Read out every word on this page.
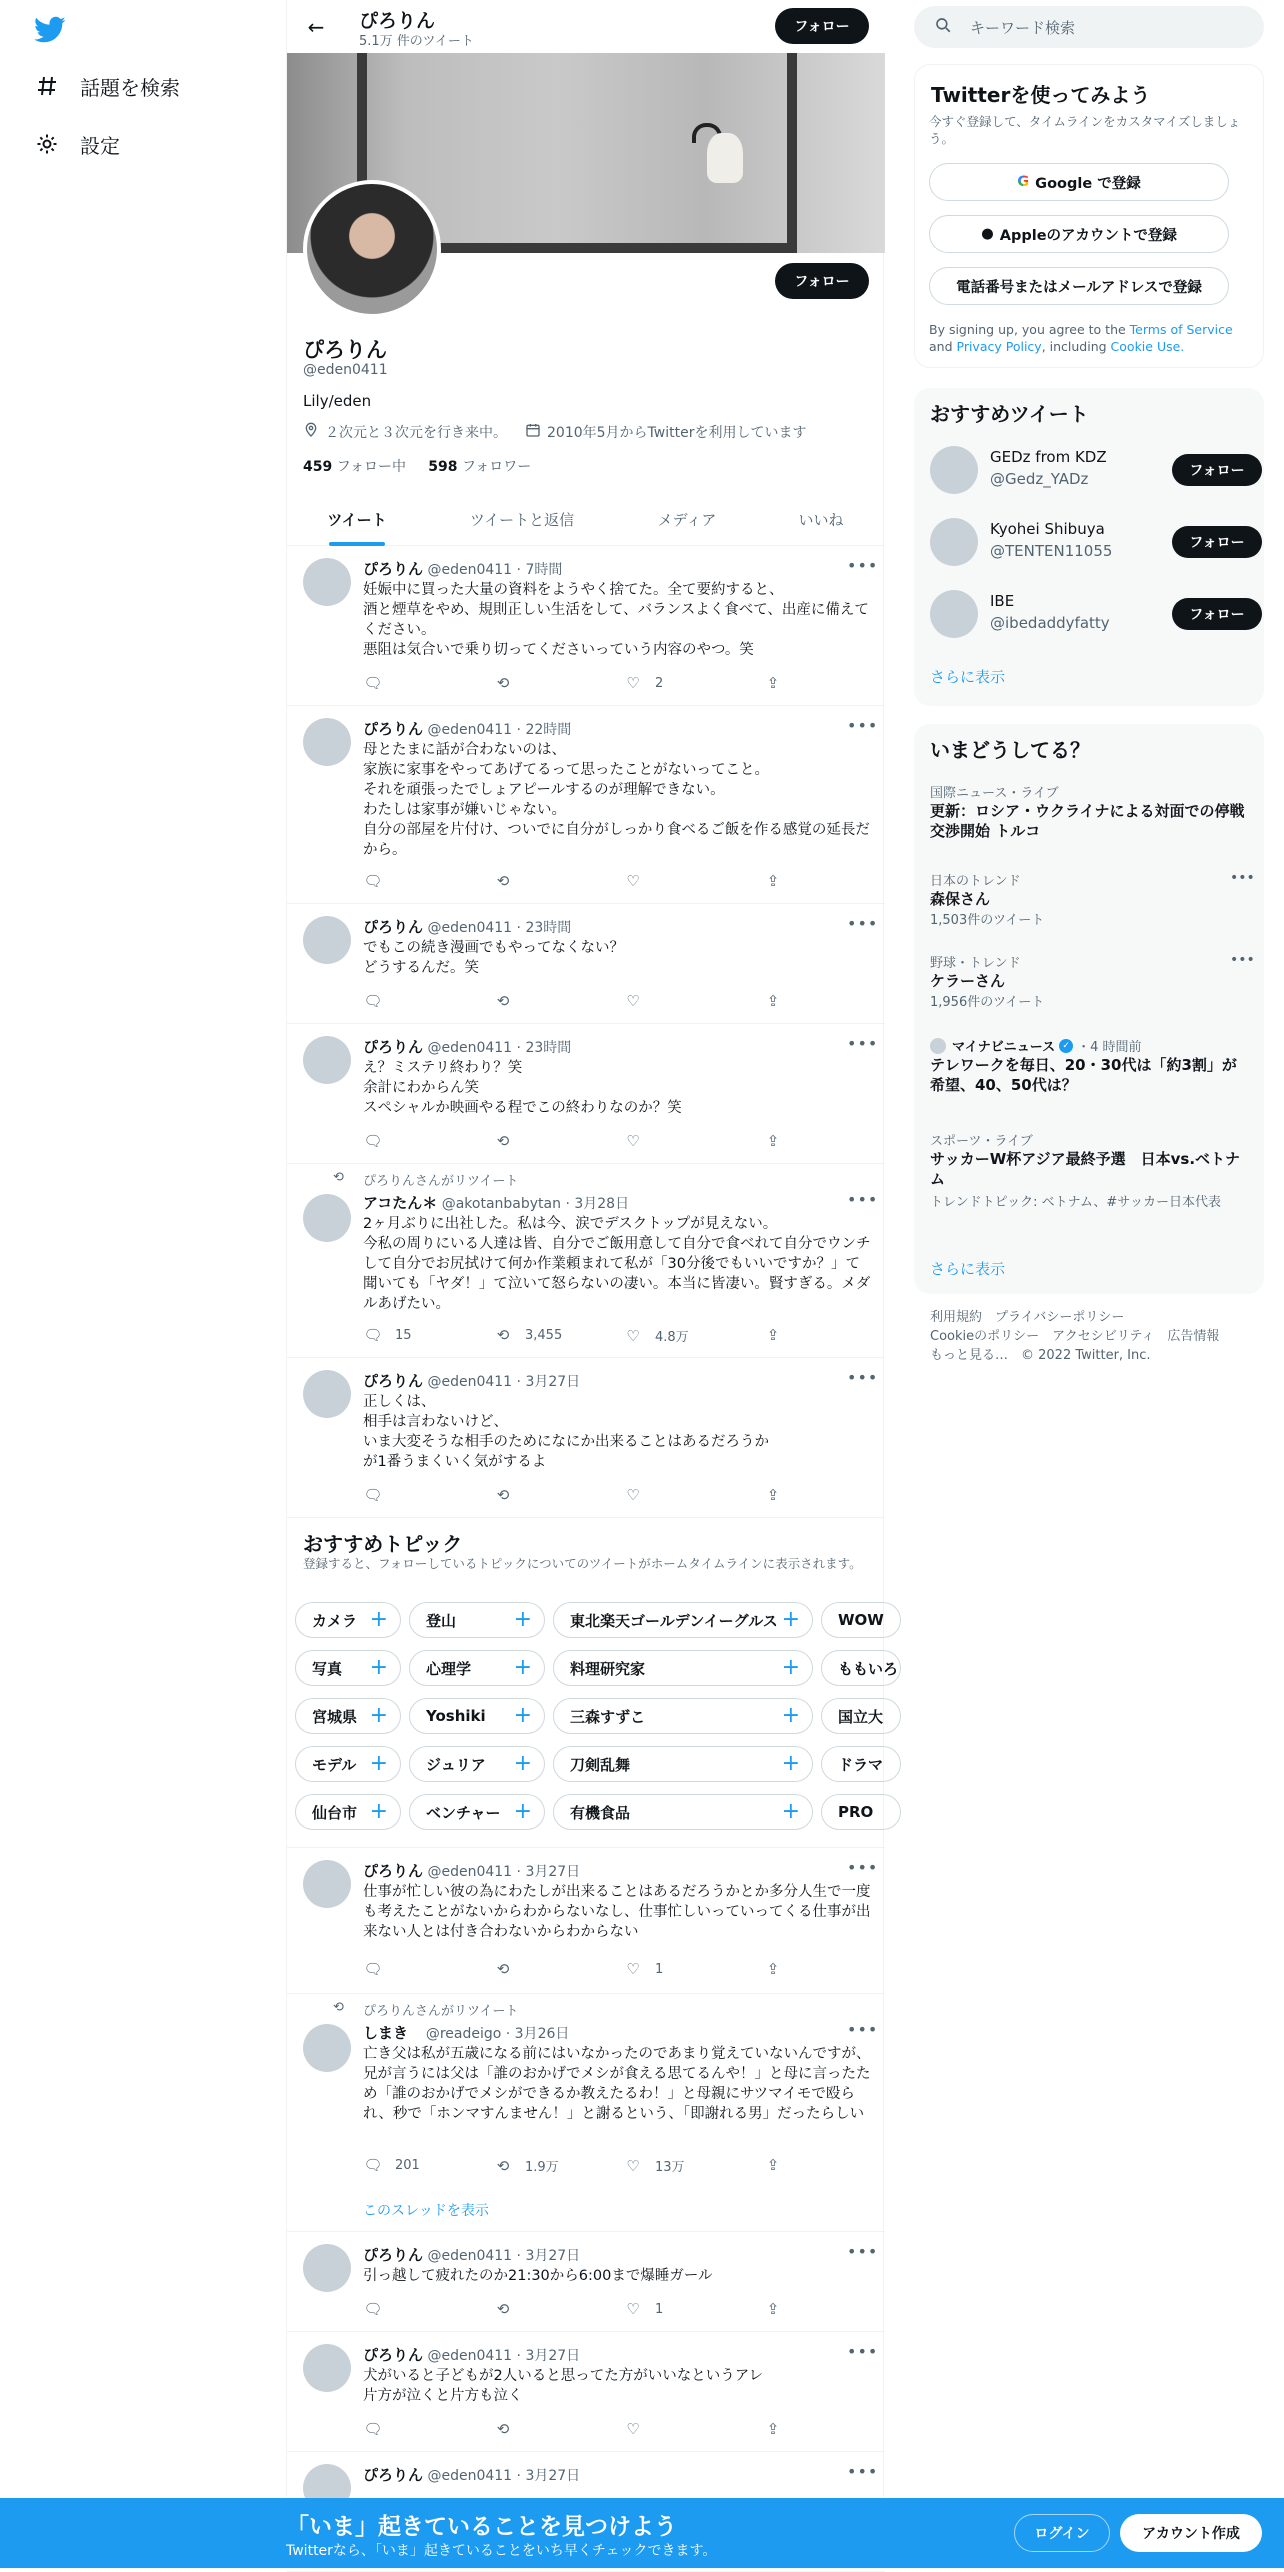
話題を検索
設定
←	ぴろりん
5.1万 件のツイート
フォロー
フォロー
ぴろりん
@eden0411
Lily/eden
２次元と３次元を行き来中。	2010年5月からTwitterを利用しています
459 フォロー中 598 フォロワー
ツイート	ツイートと返信	メディア	いいね
ぴろりん @eden0411 · 7時間	•••
妊娠中に買った大量の資料をようやく捨てた。全て要約すると、
酒と煙草をやめ、規則正しい生活をして、バランスよく食べて、出産に備えてください。
悪阻は気合いで乗り切ってくださいっていう内容のやつ。笑
🗨︎	⟲	♡ 2	⇪
ぴろりん @eden0411 · 22時間	•••
母とたまに話が合わないのは、
家族に家事をやってあげてるって思ったことがないってこと。
それを頑張ったでしょアピールするのが理解できない。
わたしは家事が嫌いじゃない。
自分の部屋を片付け、ついでに自分がしっかり食べるご飯を作る感覚の延長だから。
🗨︎	⟲	♡	⇪
ぴろりん @eden0411 · 23時間	•••
でもこの続き漫画でもやってなくない？
どうするんだ。笑
🗨︎	⟲	♡	⇪
ぴろりん @eden0411 · 23時間	•••
え？ミステリ終わり？笑
余計にわからん笑
スペシャルか映画やる程でこの終わりなのか？笑
🗨︎	⟲	♡	⇪
⟲ ぴろりんさんがリツイート
アコたん＊ @akotanbabytan · 3月28日	•••
2ヶ月ぶりに出社した。私は今、涙でデスクトップが見えない。
今私の周りにいる人達は皆、自分でご飯用意して自分で食べれて自分でウンチして自分でお尻拭けて何か作業頼まれて私が「30分後でもいいですか？」て聞いても「ヤダ！」て泣いて怒らないの凄い。本当に皆凄い。賢すぎる。メダルあげたい。
🗨︎ 15	⟲ 3,455	♡ 4.8万	⇪
ぴろりん @eden0411 · 3月27日	•••
正しくは、
相手は言わないけど、
いま大変そうな相手のためになにか出来ることはあるだろうか
が1番うまくいく気がするよ
🗨︎	⟲	♡	⇪
おすすめトピック
登録すると、フォローしているトピックについてのツイートがホームタイムラインに表示されます。
カメラ +	登山	+	東北楽天ゴールデンイーグルス +	WOW
写真 +	心理学 +	料理研究家	+	ももいろ
宮城県 +	Yoshiki +	三森すずこ	+	国立大
モデル +	ジュリア +	刀剣乱舞	+	ドラマ
仙台市 +	ベンチャー +	有機食品	+	PRO
ぴろりん @eden0411 · 3月27日	•••
仕事が忙しい彼の為にわたしが出来ることはあるだろうかとか多分人生で一度も考えたことがないからわからないなし、仕事忙しいっていってくる仕事が出来ない人とは付き合わないからわからない
🗨︎	⟲	♡ 1	⇪
⟲ ぴろりんさんがリツイート
しまき @readeigo · 3月26日	•••
亡き父は私が五歳になる前にはいなかったのであまり覚えていないんですが、兄が言うには父は「誰のおかげでメシが食える思てるんや！」と母に言ったため「誰のおかげでメシができるか教えたるわ！」と母親にサツマイモで殴られ、秒で「ホンマすんません！」と謝るという、「即謝れる男」だったらしい
🗨︎ 201	⟲ 1.9万	♡ 13万	⇪
このスレッドを表示
ぴろりん @eden0411 · 3月27日	•••
引っ越して疲れたのか21:30から6:00まで爆睡ガール
🗨︎	⟲	♡ 1	⇪
ぴろりん @eden0411 · 3月27日	•••
犬がいると子どもが2人いると思ってた方がいいなというアレ
片方が泣くと片方も泣く
🗨︎	⟲	♡	⇪
ぴろりん @eden0411 · 3月27日	•••
キーワード検索
Twitterを使ってみよう
今すぐ登録して、タイムラインをカスタマイズしましょう。
G Google で登録
● Appleのアカウントで登録
電話番号またはメールアドレスで登録
By signing up, you agree to the Terms of Service and Privacy Policy, including Cookie Use.
おすすめツイート
GEDz from KDZ
@Gedz_YADz	フォロー
Kyohei Shibuya
@TENTEN11055	フォロー
IBE
@ibedaddyfatty	フォロー
さらに表示
いまどうしてる？
国際ニュース・ライブ
更新：ロシア・ウクライナによる対面での停戦交渉開始 トルコ
日本のトレンド
森保さん
1,503件のツイート
•••
野球・トレンド
ケラーさん
1,956件のツイート
•••
マイナビニュース ✓ ・4 時間前
テレワークを毎日、20・30代は「約3割」が希望、40、50代は？
スポーツ・ライブ
サッカーW杯アジア最終予選　日本vs.ベトナム
トレンドトピック: ベトナム、#サッカー日本代表
さらに表示
利用規約　プライバシーポリシー
Cookieのポリシー　アクセシビリティ　広告情報
もっと見る…　© 2022 Twitter, Inc.
「いま」起きていることを見つけよう
Twitterなら、「いま」起きていることをいち早くチェックできます。
ログイン	アカウント作成
